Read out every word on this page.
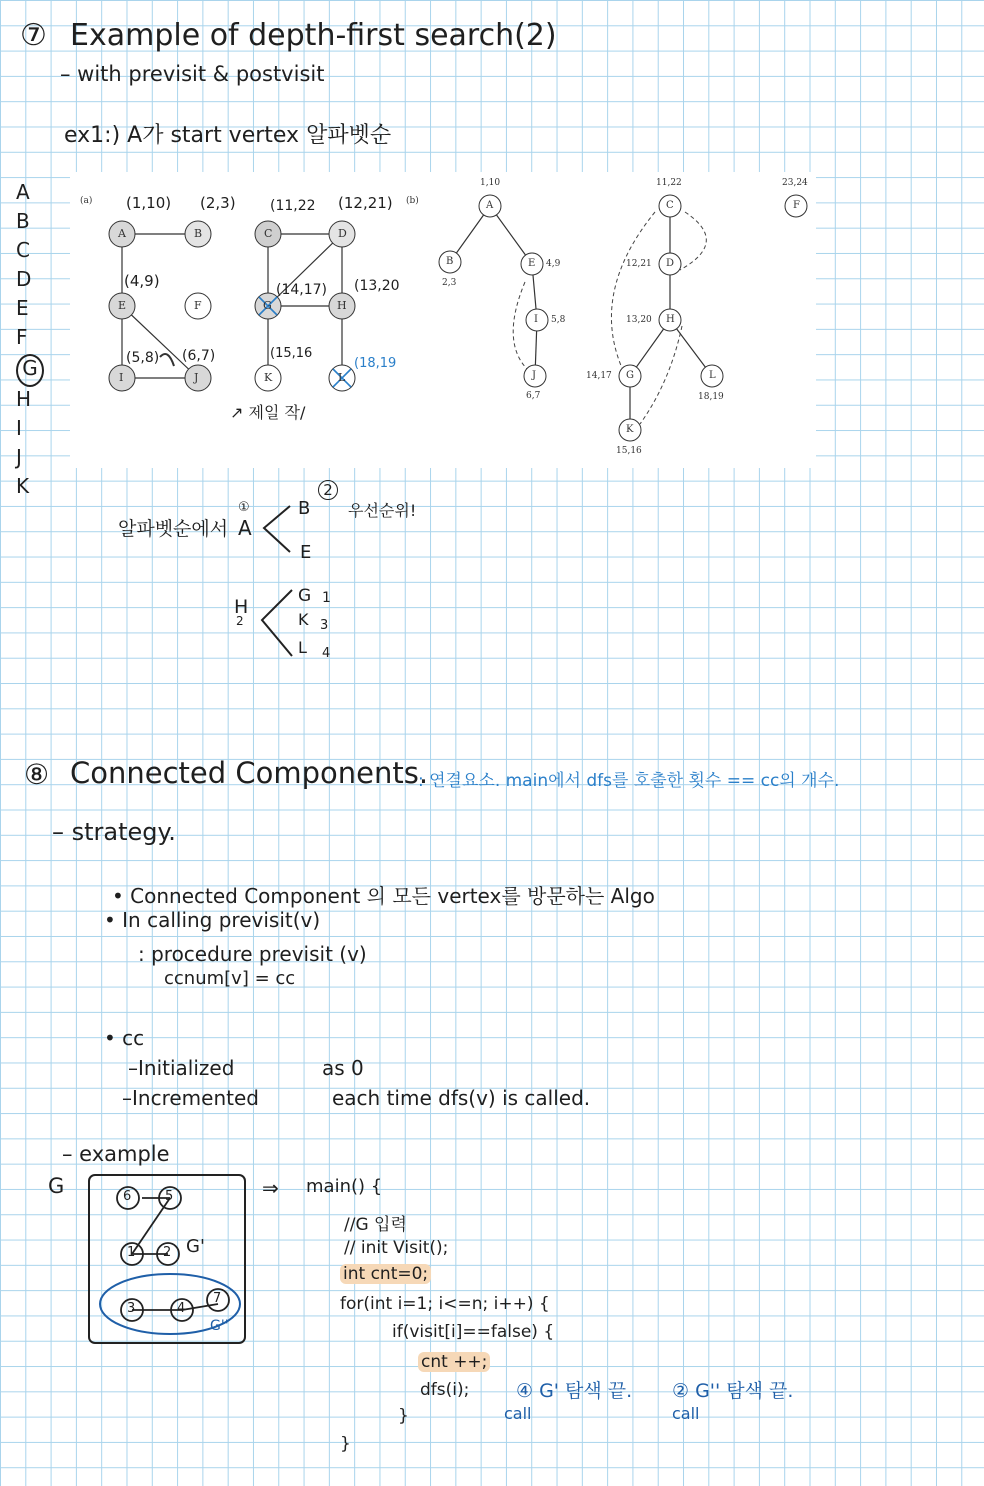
⑦ Example of depth-first search(2)
– with previsit & postvisit
ex1:) A가 start vertex 알파벳순
A
B
C
D
E
F
G
H
I
J
K
(a)	(b)
A	B	C	D
E	F
I	J
G	H
K	L
(1,10) (2,3) (11,22 (12,21)
(4,9)	(14,17) (13,20
(5,8) (6,7)	(15,16
(18,19
↗ 제일 작/
A
B	E
I
J
C
D
H
G	L
K
F
1,10
2,3
4,9
5,8
6,7
11,22
12,21
13,20
14,17
18,19
15,16
23,24
알파벳순에서
①
A
B
2
우선순위!
E
H
2
G 1
K 3
L 4
⑧ Connected Components.
: 연결요소. main에서 dfs를 호출한 횟수 == cc의 개수.
– strategy.
• Connected Component 의 모든 vertex를 방문하는 Algo
• In calling previsit(v)
: procedure previsit (v)
ccnum[v] = cc
• cc
–Initialized	as 0
–Incremented	each time dfs(v) is called.
– example
G	6	5
1 2
3	4
7
G'
G''
⇒ main() {
//G 입력
// init Visit();
int cnt=0;
for(int i=1; i<=n; i++) {
if(visit[i]==false) {
cnt ++;
dfs(i);
}
}
④ G' 탐색 끝.
call
② G'' 탐색 끝.
call
